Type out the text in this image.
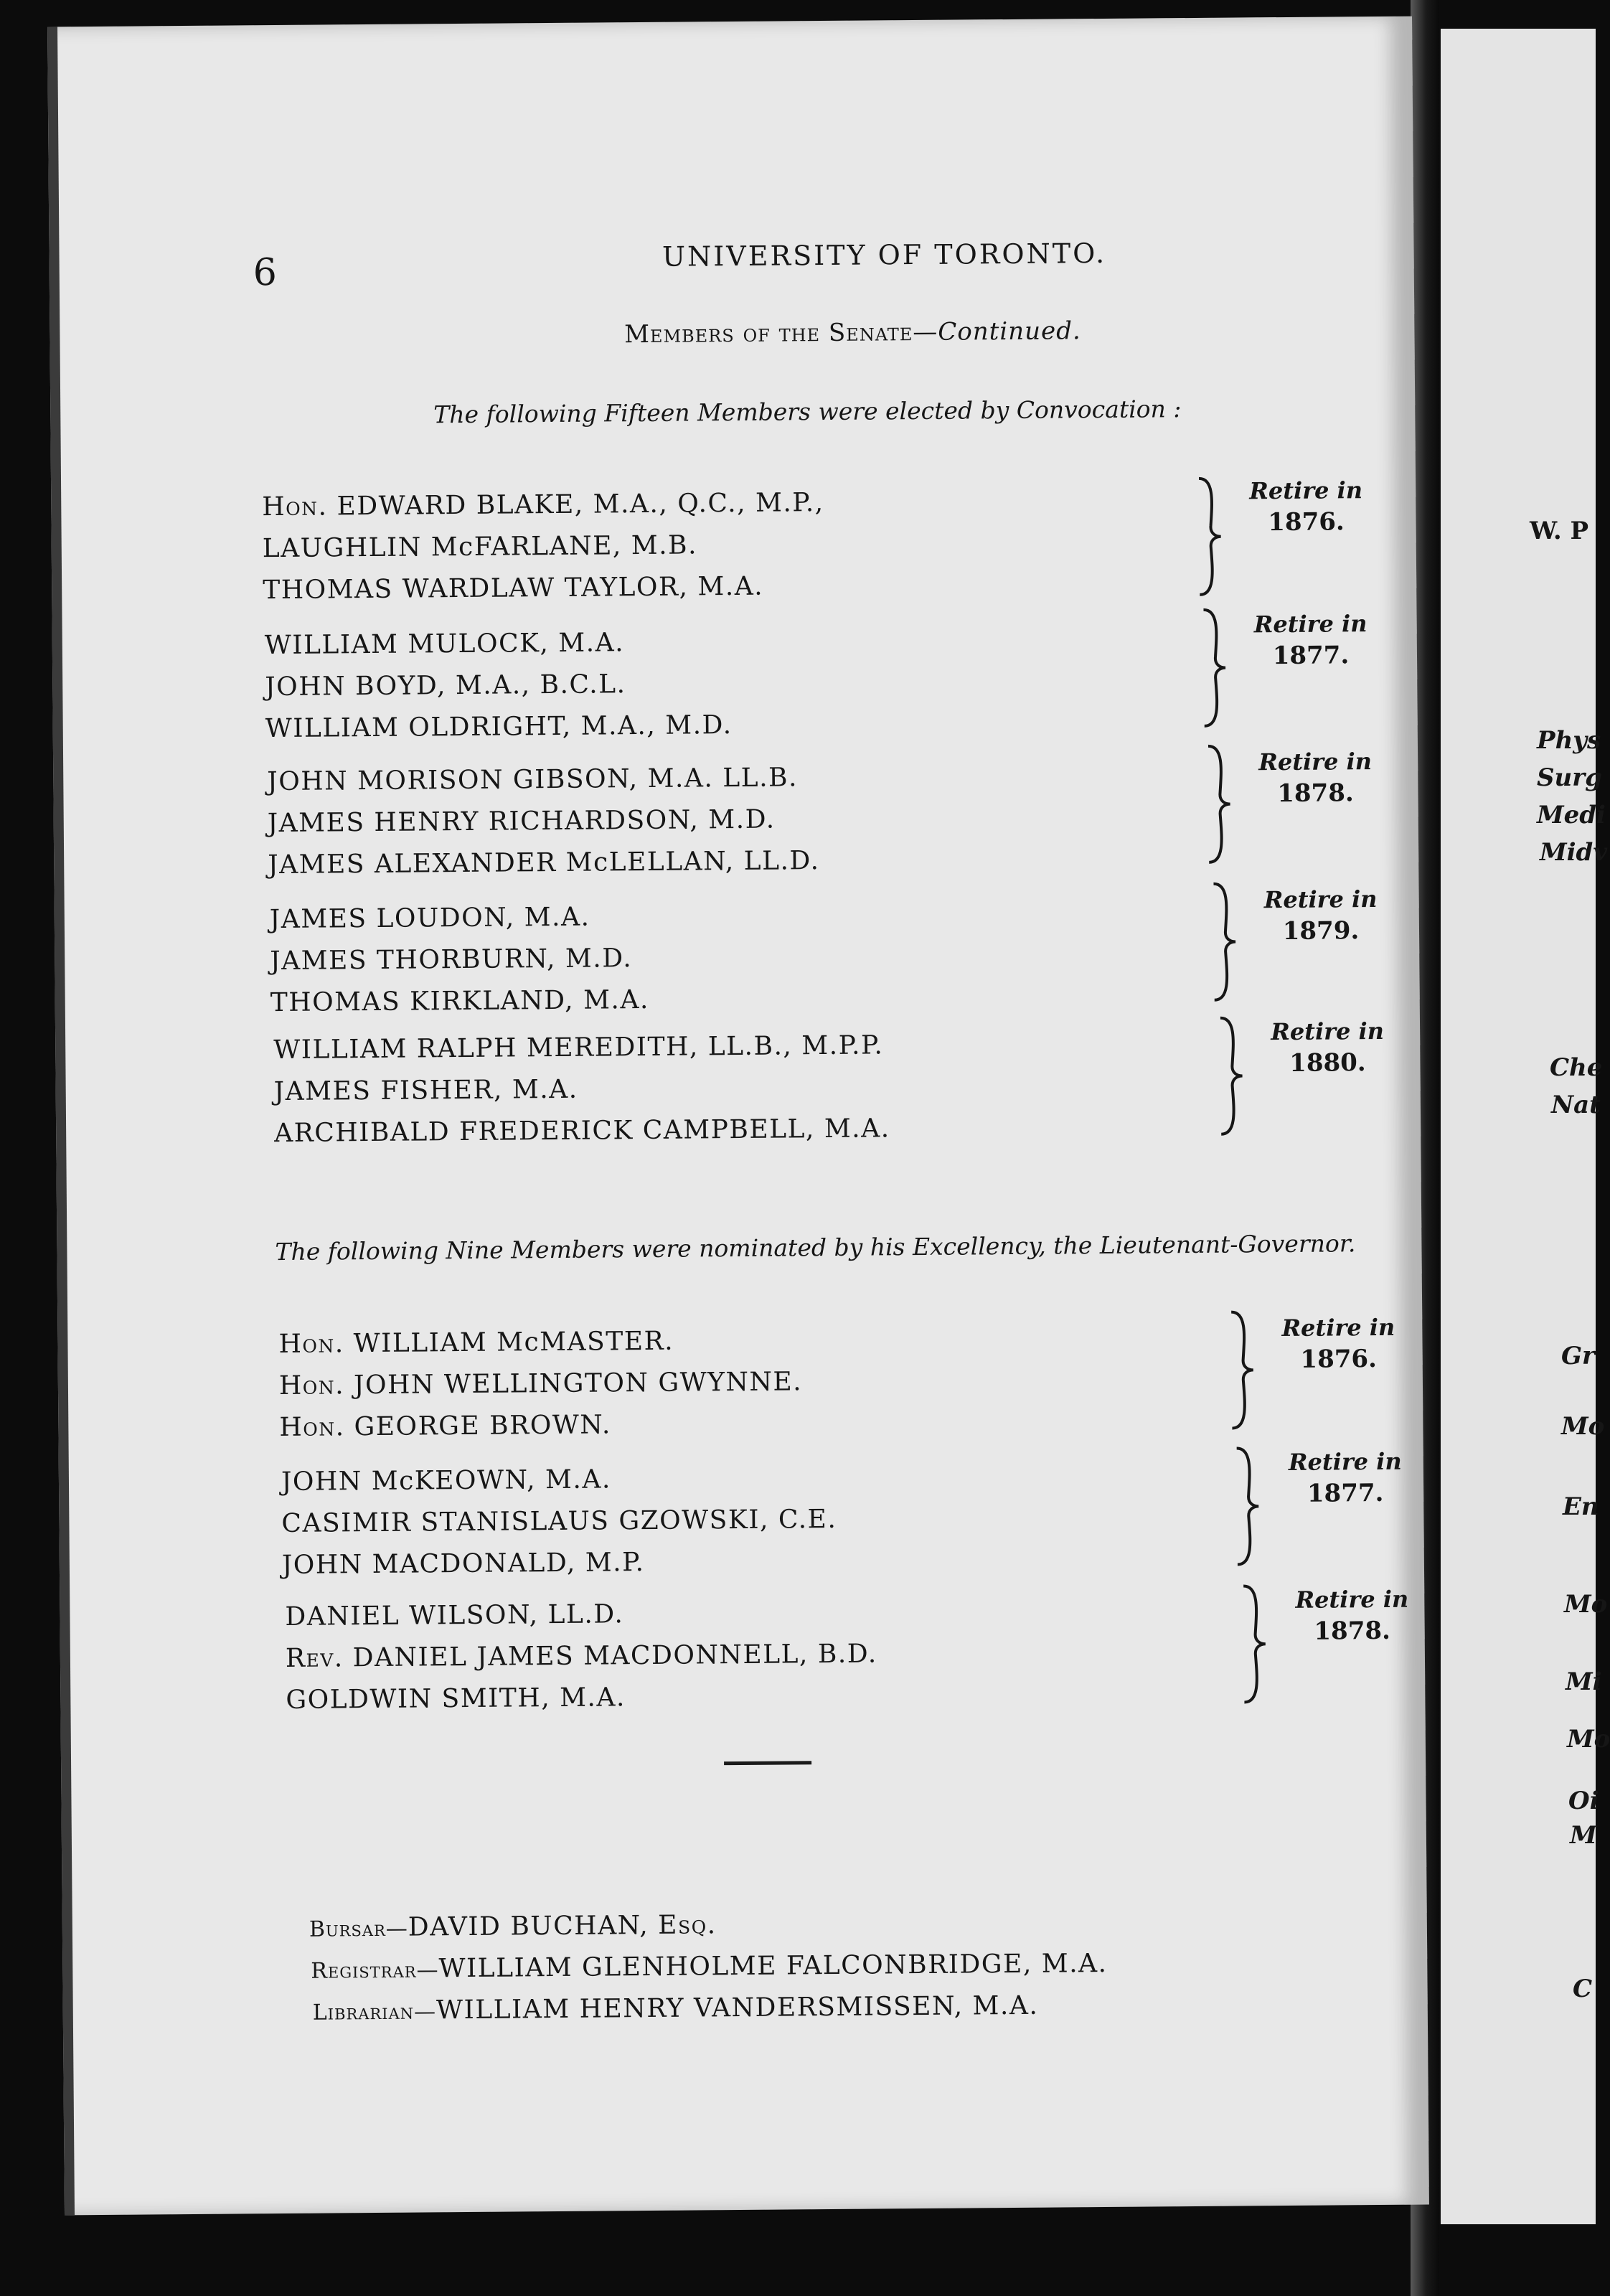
W. P
Phys
Surg
Medi
Midv
Che
Nat
Gr
Mo
En
Mo
Mi
Mo
Oi
M
C
6	UNIVERSITY OF TORONTO.
Members of the Senate—Continued.
The following Fifteen Members were elected by Convocation :
Hon. EDWARD BLAKE, M.A., Q.C., M.P.,
LAUGHLIN McFARLANE, M.B.
THOMAS WARDLAW TAYLOR, M.A.
Retire in
1876.
WILLIAM MULOCK, M.A.
JOHN BOYD, M.A., B.C.L.
WILLIAM OLDRIGHT, M.A., M.D.
Retire in
1877.
JOHN MORISON GIBSON, M.A. LL.B.
JAMES HENRY RICHARDSON, M.D.
JAMES ALEXANDER McLELLAN, LL.D.
Retire in
1878.
JAMES LOUDON, M.A.
JAMES THORBURN, M.D.
THOMAS KIRKLAND, M.A.
Retire in
1879.
WILLIAM RALPH MEREDITH, LL.B., M.P.P.
JAMES FISHER, M.A.
ARCHIBALD FREDERICK CAMPBELL, M.A.
Retire in
1880.
The following Nine Members were nominated by his Excellency, the Lieutenant-Governor.
Hon. WILLIAM McMASTER.
Hon. JOHN WELLINGTON GWYNNE.
Hon. GEORGE BROWN.
Retire in
1876.
JOHN McKEOWN, M.A.
CASIMIR STANISLAUS GZOWSKI, C.E.
JOHN MACDONALD, M.P.
Retire in
1877.
DANIEL WILSON, LL.D.
Rev. DANIEL JAMES MACDONNELL, B.D.
GOLDWIN SMITH, M.A.
Retire in
1878.
Bursar—DAVID BUCHAN, Esq.
Registrar—WILLIAM GLENHOLME FALCONBRIDGE, M.A.
Librarian—WILLIAM HENRY VANDERSMISSEN, M.A.
